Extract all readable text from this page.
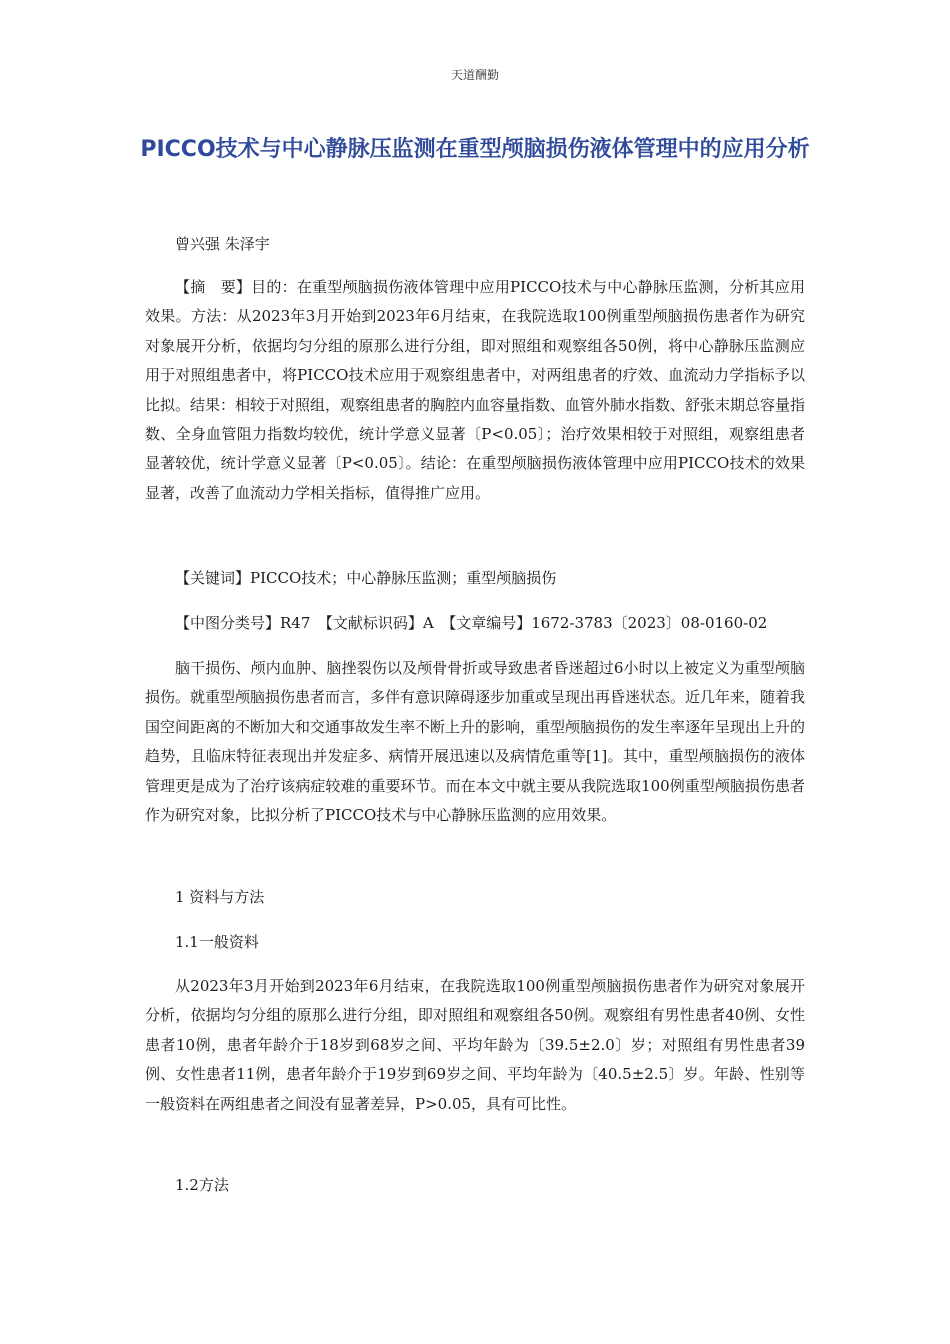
天道酬勤
PICCO技术与中心静脉压监测在重型颅脑损伤液体管理中的应用分析

曾兴强 朱泽宇

【摘　要】目的：在重型颅脑损伤液体管理中应用PICCO技术与中心静脉压监测，分析其应用效果。方法：从2023年3月开始到2023年6月结束，在我院选取100例重型颅脑损伤患者作为研究对象展开分析，依据均匀分组的原那么进行分组，即对照组和观察组各50例，将中心静脉压监测应用于对照组患者中，将PICCO技术应用于观察组患者中，对两组患者的疗效、血流动力学指标予以比拟。结果：相较于对照组，观察组患者的胸腔内血容量指数、血管外肺水指数、舒张末期总容量指数、全身血管阻力指数均较优，统计学意义显著〔P<0.05〕；治疗效果相较于对照组，观察组患者显著较优，统计学意义显著〔P<0.05〕。结论：在重型颅脑损伤液体管理中应用PICCO技术的效果显著，改善了血流动力学相关指标，值得推广应用。

【关键词】PICCO技术；中心静脉压监测；重型颅脑损伤

【中图分类号】R47　【文献标识码】A　【文章编号】1672-3783〔2023〕08-0160-02

脑干损伤、颅内血肿、脑挫裂伤以及颅骨骨折或导致患者昏迷超过6小时以上被定义为重型颅脑损伤。就重型颅脑损伤患者而言，多伴有意识障碍逐步加重或呈现出再昏迷状态。近几年来，随着我国空间距离的不断加大和交通事故发生率不断上升的影响，重型颅脑损伤的发生率逐年呈现出上升的趋势，且临床特征表现出并发症多、病情开展迅速以及病情危重等[1]。其中，重型颅脑损伤的液体管理更是成为了治疗该病症较难的重要环节。而在本文中就主要从我院选取100例重型颅脑损伤患者作为研究对象，比拟分析了PICCO技术与中心静脉压监测的应用效果。

1 资料与方法

1.1一般资料

从2023年3月开始到2023年6月结束，在我院选取100例重型颅脑损伤患者作为研究对象展开分析，依据均匀分组的原那么进行分组，即对照组和观察组各50例。观察组有男性患者40例、女性患者10例，患者年龄介于18岁到68岁之间、平均年龄为〔39.5±2.0〕岁；对照组有男性患者39例、女性患者11例，患者年龄介于19岁到69岁之间、平均年龄为〔40.5±2.5〕岁。年龄、性别等一般资料在两组患者之间没有显著差异，P>0.05，具有可比性。

1.2方法
